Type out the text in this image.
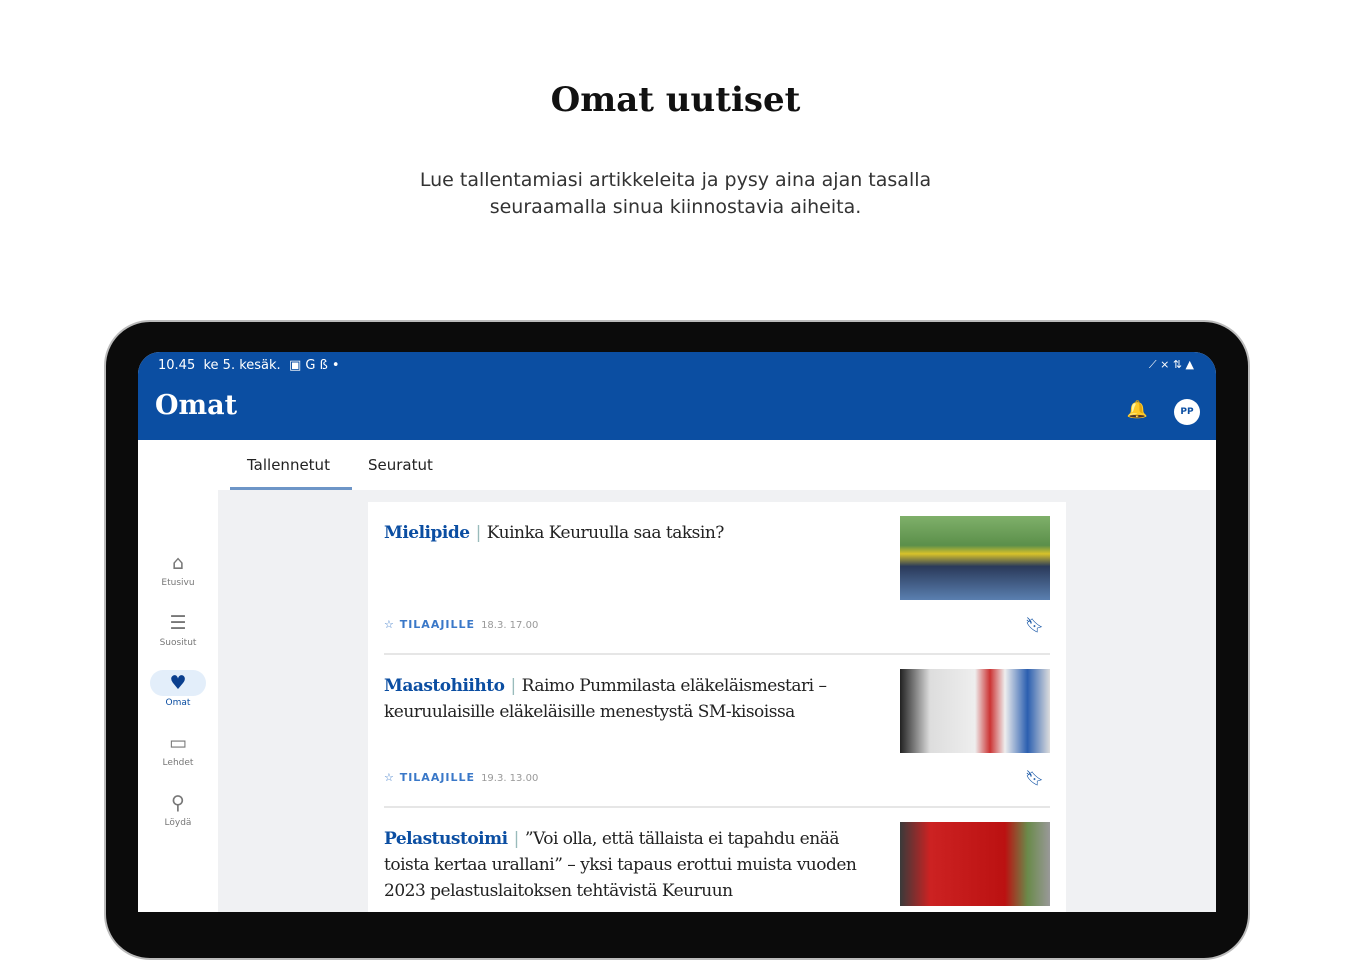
Omat uutiset
Lue tallentamiasi artikkeleita ja pysy aina ajan tasalla
seuraamalla sinua kiinnostavia aiheita.
10.45 ke 5. kesäk. ▣ G ß •	⟋ ⨯ ⇅ ▲
Omat	🔔	PP
⌂
Etusivu
☰
Suositut
♥
Omat
▭
Lehdet
⚲
Löydä
Tallennetut	Seuratut
Mielipide | Kuinka Keuruulla saa taksin?
☆ TILAAJILLE 18.3. 17.00	🔖︎
Maastohiihto | Raimo Pummilasta eläkeläismestari – keuruulaisille eläkeläisille menestystä SM-kisoissa
☆ TILAAJILLE 19.3. 13.00	🔖︎
Pelastustoimi | ”Voi olla, että tällaista ei tapahdu enää toista kertaa urallani” – yksi tapaus erottui muista vuoden 2023 pelastuslaitoksen tehtävistä Keuruun
